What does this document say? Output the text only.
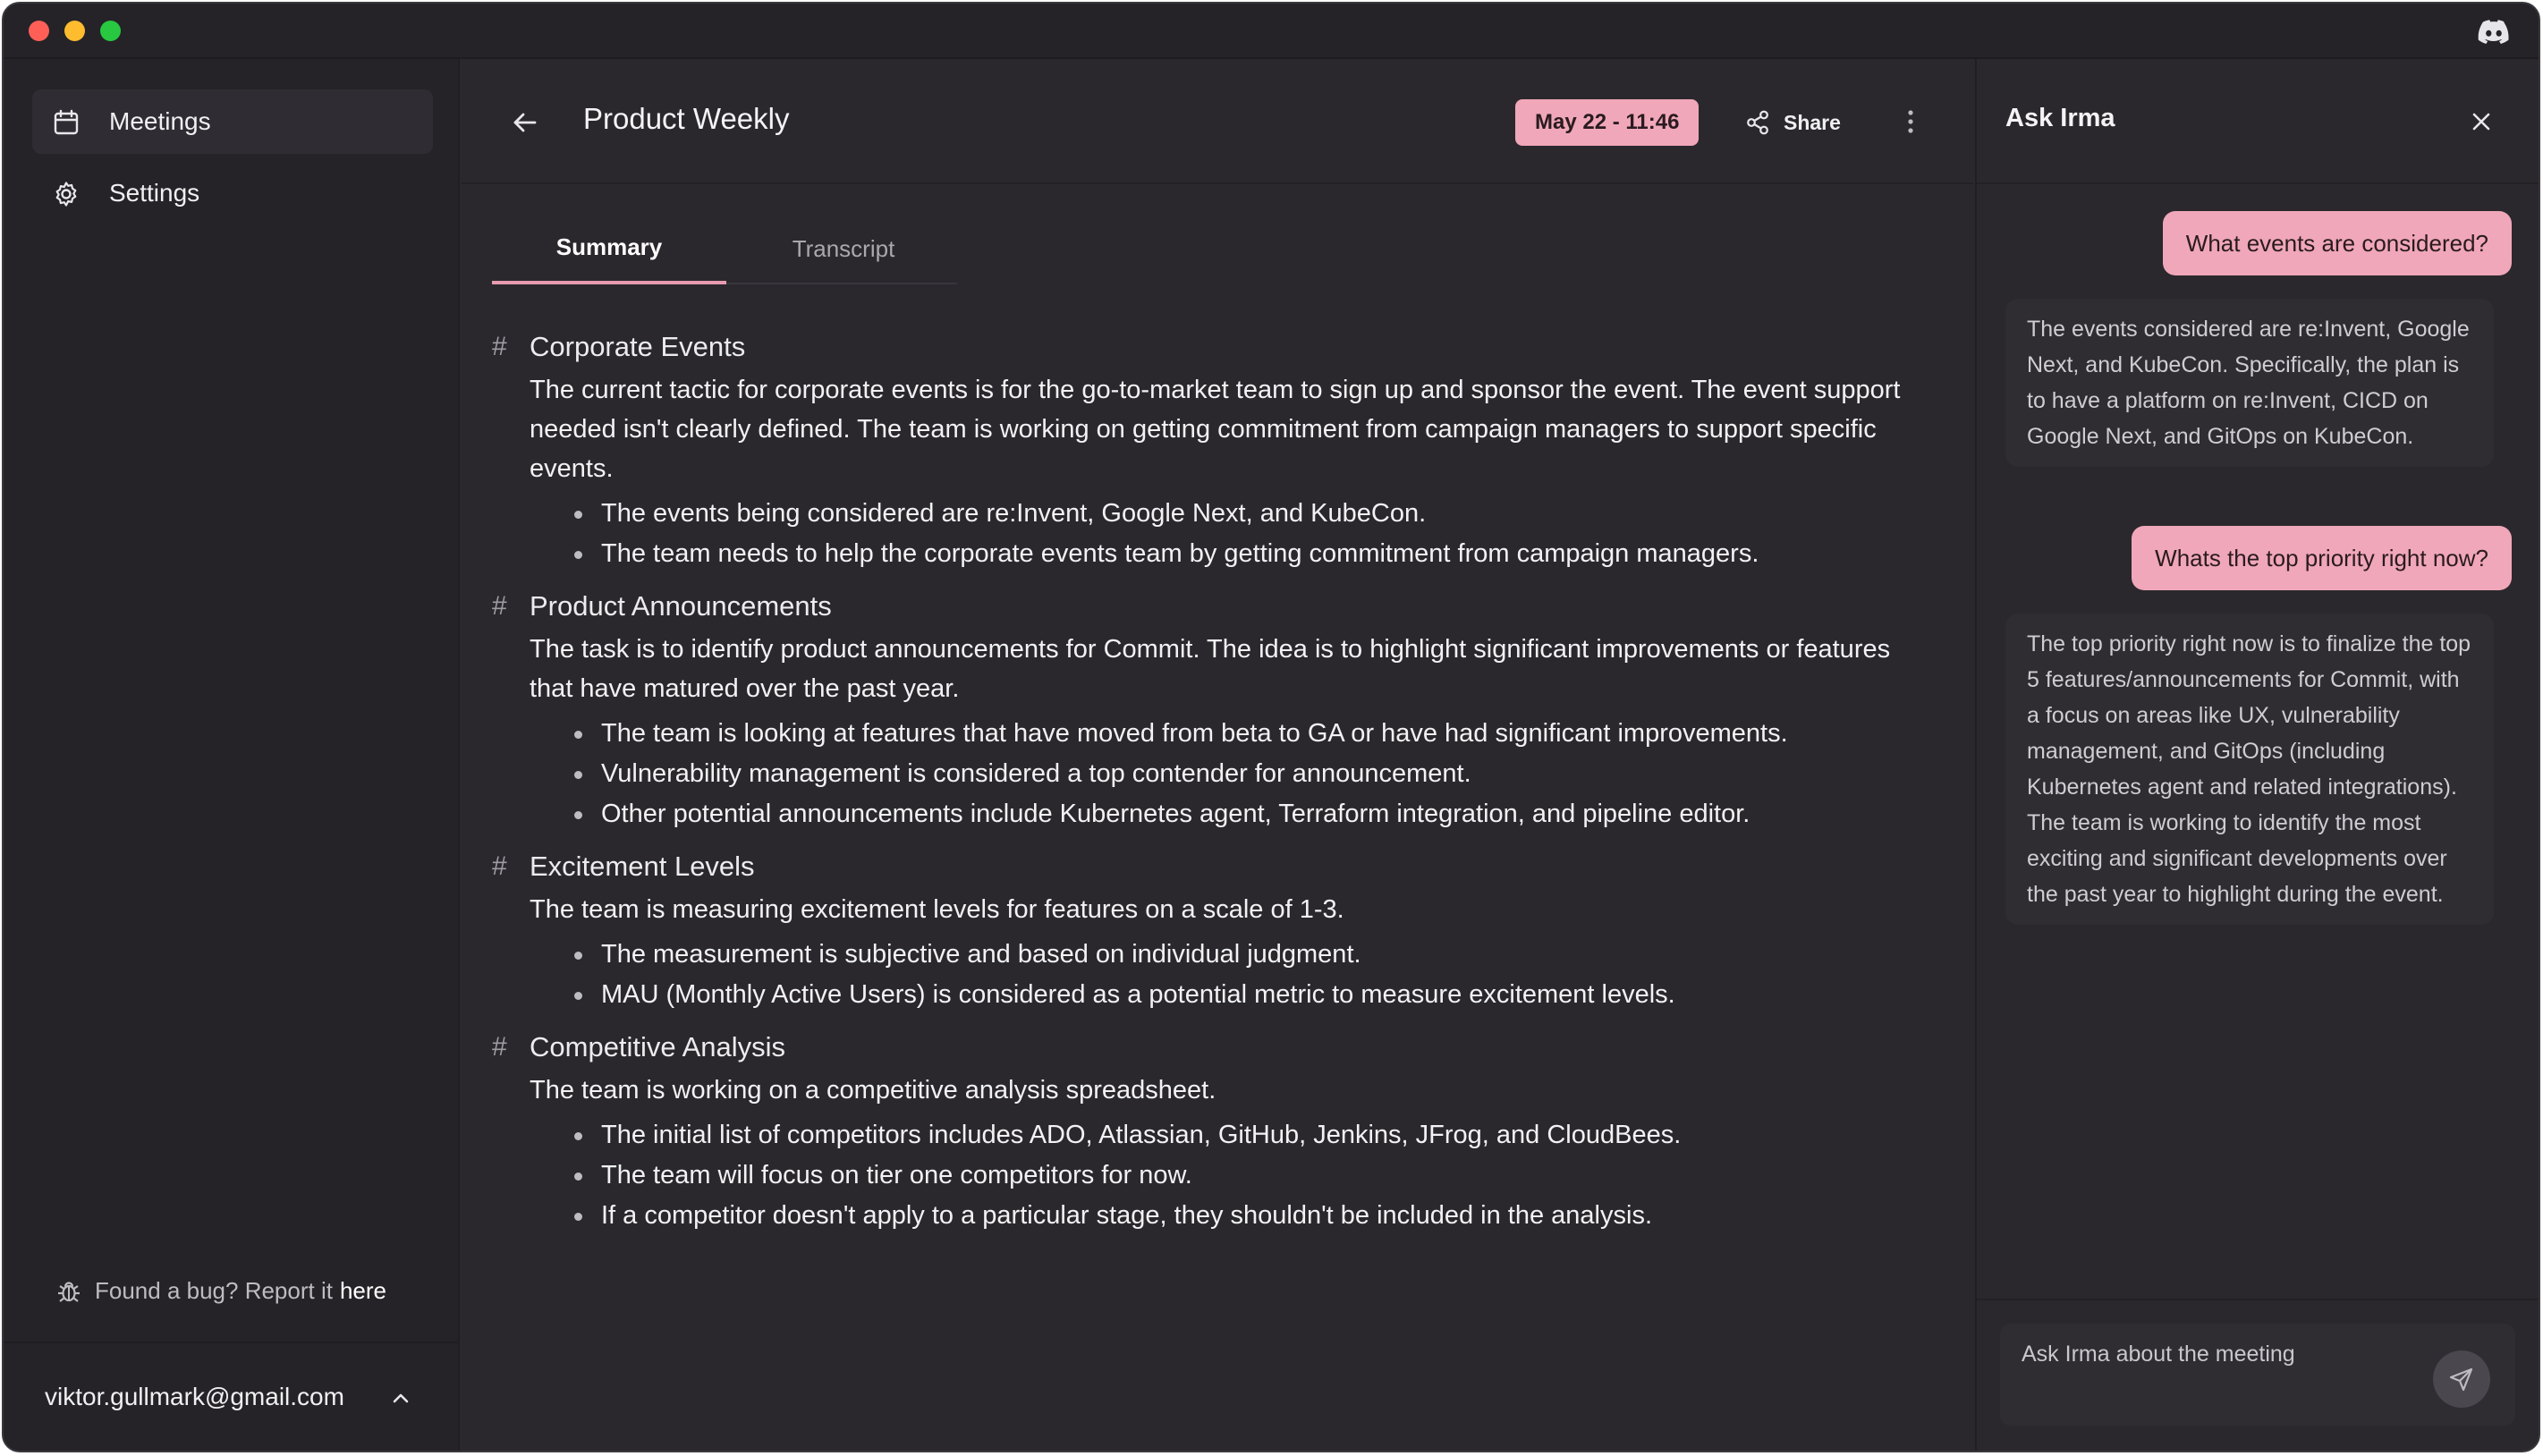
Meetings
Settings
Found a bug? Report it here
viktor.gullmark@gmail.com
Product Weekly	May 22 - 11:46	Share
Summary	Transcript
# Corporate Events

The current tactic for corporate events is for the go-to-market team to sign up and sponsor the event. The event support needed isn't clearly defined. The team is working on getting commitment from campaign managers to support specific events.

The events being considered are re:Invent, Google Next, and KubeCon.
The team needs to help the corporate events team by getting commitment from campaign managers.
# Product Announcements

The task is to identify product announcements for Commit. The idea is to highlight significant improvements or features that have matured over the past year.

The team is looking at features that have moved from beta to GA or have had significant improvements.
Vulnerability management is considered a top contender for announcement.
Other potential announcements include Kubernetes agent, Terraform integration, and pipeline editor.
# Excitement Levels

The team is measuring excitement levels for features on a scale of 1-3.

The measurement is subjective and based on individual judgment.
MAU (Monthly Active Users) is considered as a potential metric to measure excitement levels.
# Competitive Analysis

The team is working on a competitive analysis spreadsheet.

The initial list of competitors includes ADO, Atlassian, GitHub, Jenkins, JFrog, and CloudBees.
The team will focus on tier one competitors for now.
If a competitor doesn't apply to a particular stage, they shouldn't be included in the analysis.
Ask Irma
What events are considered?
The events considered are re:Invent, Google Next, and KubeCon. Specifically, the plan is to have a platform on re:Invent, CICD on Google Next, and GitOps on KubeCon.
Whats the top priority right now?
The top priority right now is to finalize the top 5 features/announcements for Commit, with a focus on areas like UX, vulnerability management, and GitOps (including Kubernetes agent and related integrations). The team is working to identify the most exciting and significant developments over the past year to highlight during the event.
Ask Irma about the meeting
